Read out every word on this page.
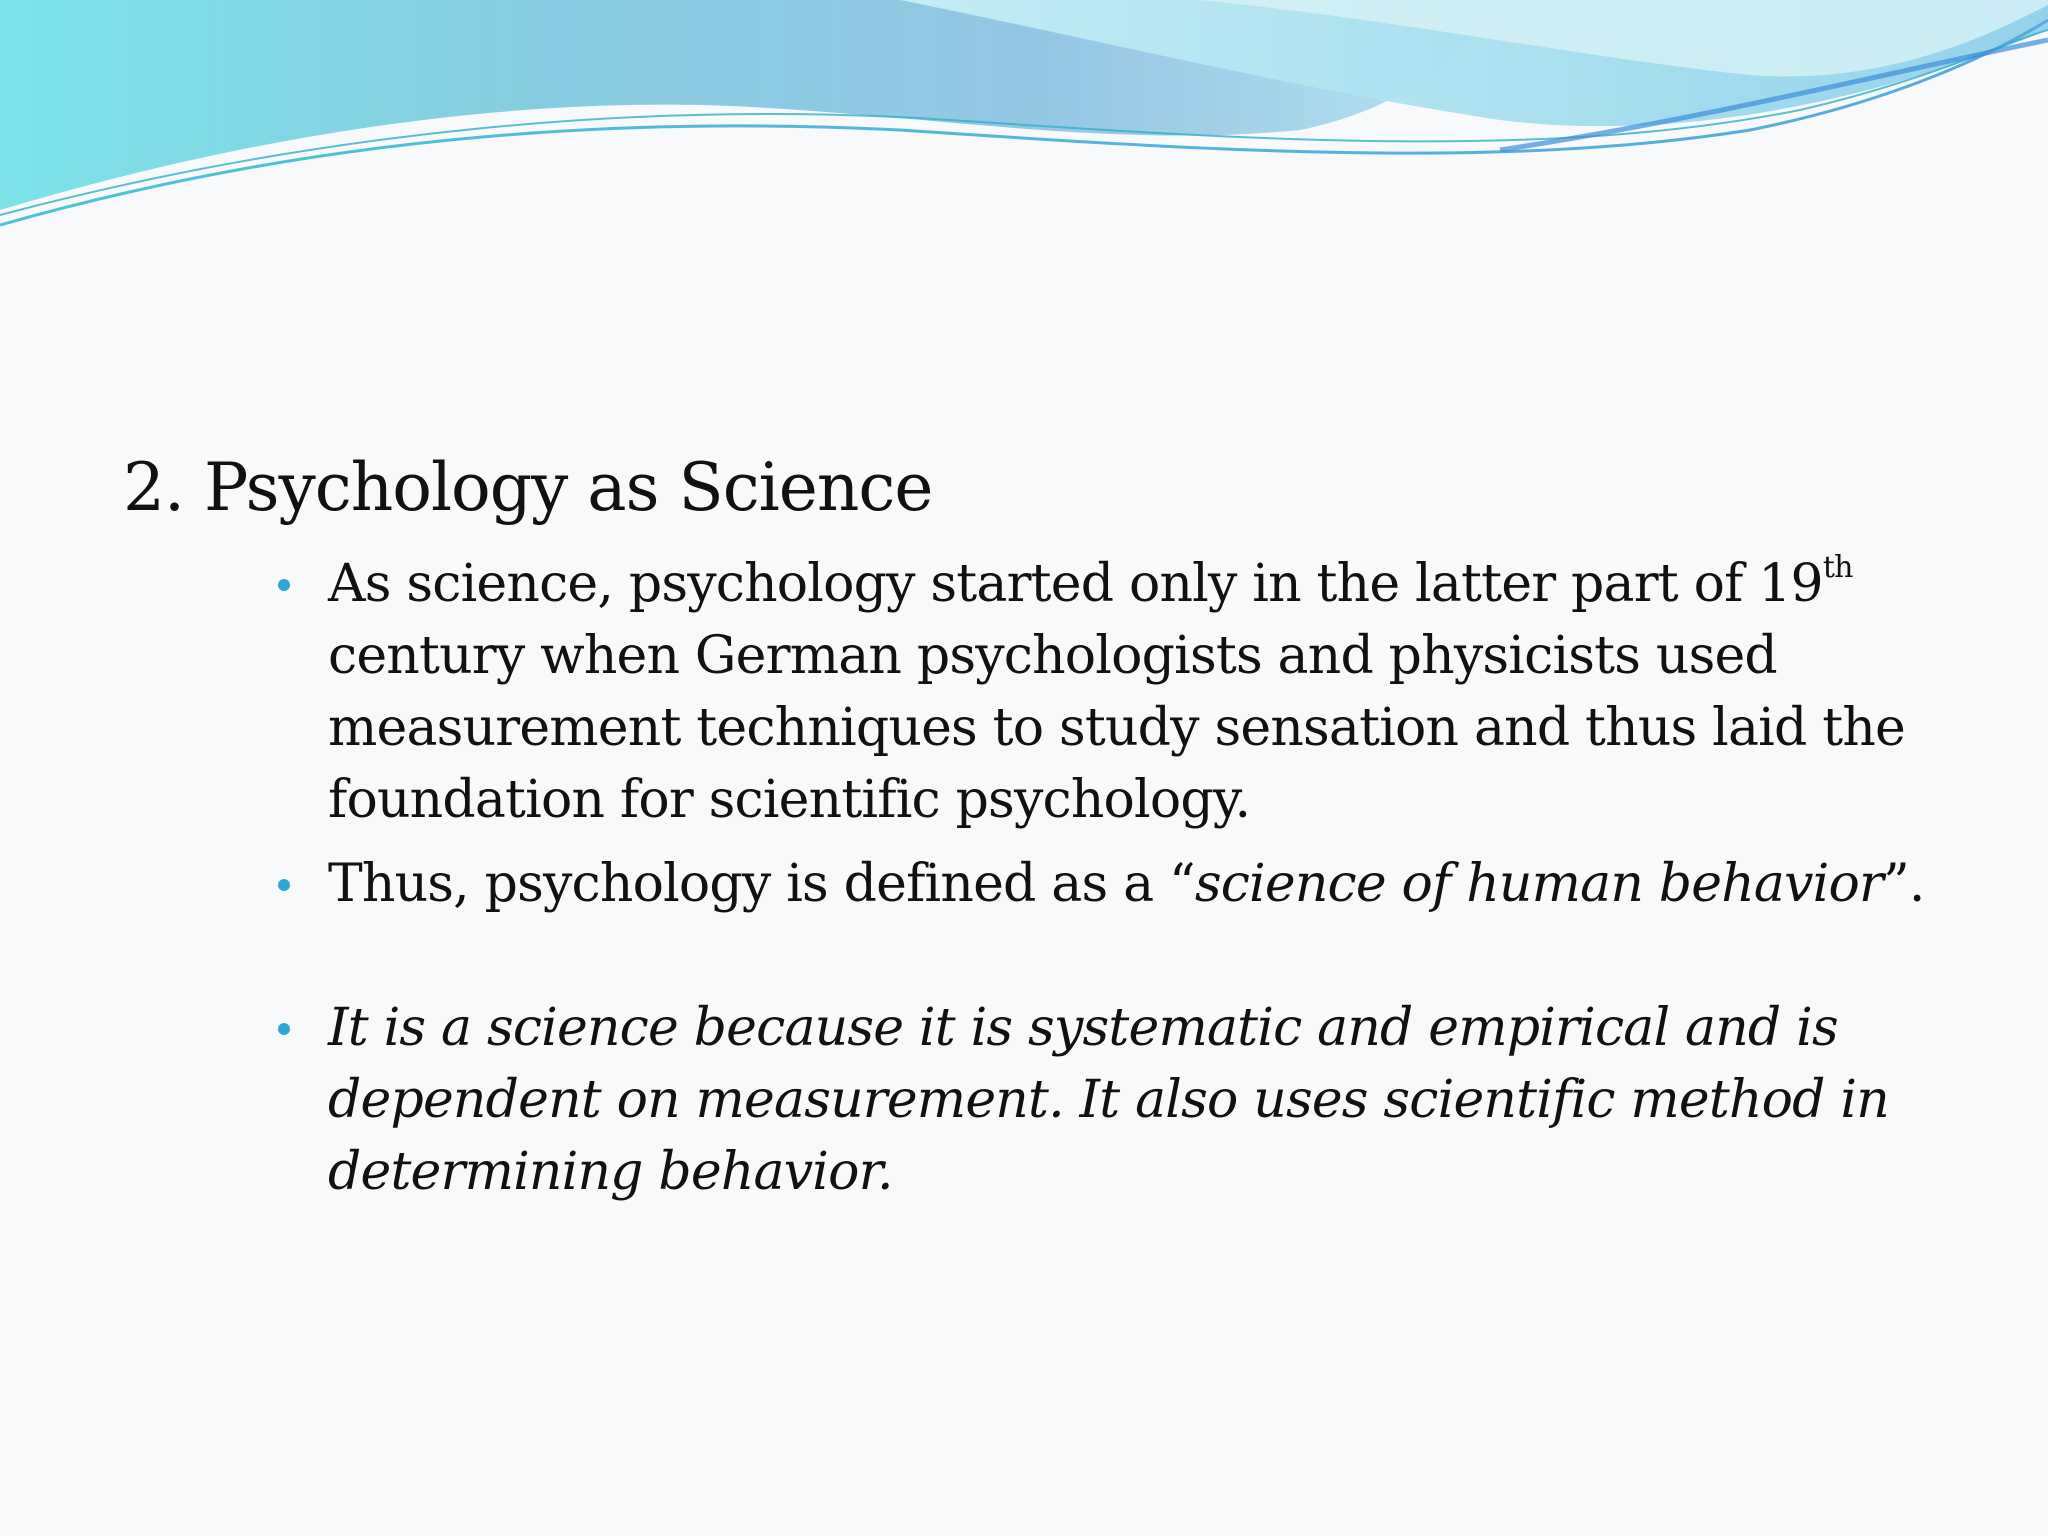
2. Psychology as Science
As science, psychology started only in the latter part of 19th century when German psychologists and physicists used measurement techniques to study sensation and thus laid the foundation for scientific psychology.
Thus, psychology is defined as a “science of human behavior”.
It is a science because it is systematic and empirical and is dependent on measurement. It also uses scientific method in determining behavior.
